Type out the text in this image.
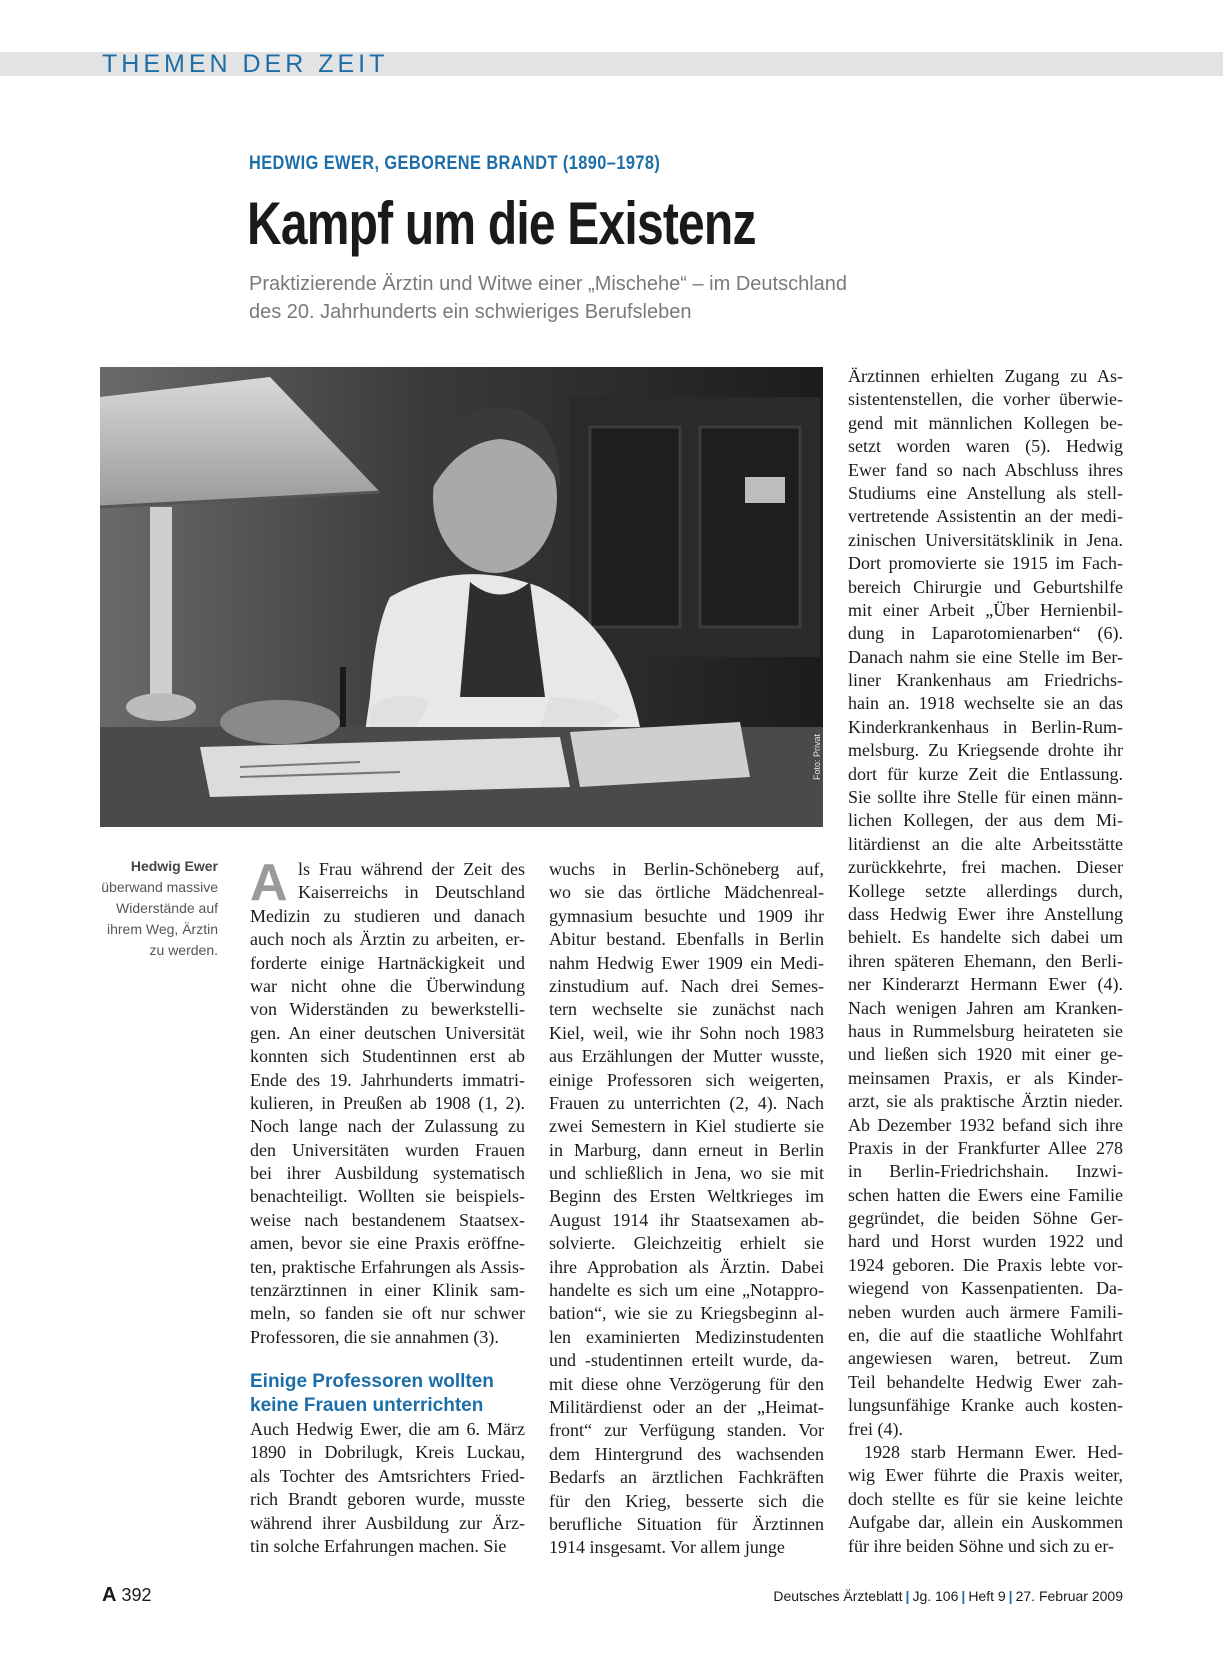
THEMEN DER ZEIT
HEDWIG EWER, GEBORENE BRANDT (1890–1978)
Kampf um die Existenz
Praktizierende Ärztin und Witwe einer „Mischehe“ – im Deutschland
des 20. Jahrhunderts ein schwieriges Berufsleben
Foto: Privat
Hedwig Ewer
überwand massive
Widerstände auf
ihrem Weg, Ärztin
zu werden.
A ls Frau während der Zeit des
Kaiserreichs in Deutschland
Medizin zu studieren und danach
auch noch als Ärztin zu arbeiten, er-
forderte einige Hartnäckigkeit und
war nicht ohne die Überwindung
von Widerständen zu bewerkstelli-
gen. An einer deutschen Universität
konnten sich Studentinnen erst ab
Ende des 19. Jahrhunderts immatri-
kulieren, in Preußen ab 1908 (1, 2).
Noch lange nach der Zulassung zu
den Universitäten wurden Frauen
bei ihrer Ausbildung systematisch
benachteiligt. Wollten sie beispiels-
weise nach bestandenem Staatsex-
amen, bevor sie eine Praxis eröffne-
ten, praktische Erfahrungen als Assis-
tenzärztinnen in einer Klinik sam-
meln, so fanden sie oft nur schwer
Professoren, die sie annahmen (3).
Einige Professoren wollten
keine Frauen unterrichten
Auch Hedwig Ewer, die am 6. März
1890 in Dobrilugk, Kreis Luckau,
als Tochter des Amtsrichters Fried-
rich Brandt geboren wurde, musste
während ihrer Ausbildung zur Ärz-
tin solche Erfahrungen machen. Sie
wuchs in Berlin-Schöneberg auf,
wo sie das örtliche Mädchenreal-
gymnasium besuchte und 1909 ihr
Abitur bestand. Ebenfalls in Berlin
nahm Hedwig Ewer 1909 ein Medi-
zinstudium auf. Nach drei Semes-
tern wechselte sie zunächst nach
Kiel, weil, wie ihr Sohn noch 1983
aus Erzählungen der Mutter wusste,
einige Professoren sich weigerten,
Frauen zu unterrichten (2, 4). Nach
zwei Semestern in Kiel studierte sie
in Marburg, dann erneut in Berlin
und schließlich in Jena, wo sie mit
Beginn des Ersten Weltkrieges im
August 1914 ihr Staatsexamen ab-
solvierte. Gleichzeitig erhielt sie
ihre Approbation als Ärztin. Dabei
handelte es sich um eine „Notappro-
bation“, wie sie zu Kriegsbeginn al-
len examinierten Medizinstudenten
und -studentinnen erteilt wurde, da-
mit diese ohne Verzögerung für den
Militärdienst oder an der „Heimat-
front“ zur Verfügung standen. Vor
dem Hintergrund des wachsenden
Bedarfs an ärztlichen Fachkräften
für den Krieg, besserte sich die
berufliche Situation für Ärztinnen
1914 insgesamt. Vor allem junge
Ärztinnen erhielten Zugang zu As-
sistentenstellen, die vorher überwie-
gend mit männlichen Kollegen be-
setzt worden waren (5). Hedwig
Ewer fand so nach Abschluss ihres
Studiums eine Anstellung als stell-
vertretende Assistentin an der medi-
zinischen Universitätsklinik in Jena.
Dort promovierte sie 1915 im Fach-
bereich Chirurgie und Geburtshilfe
mit einer Arbeit „Über Hernienbil-
dung in Laparotomienarben“ (6).
Danach nahm sie eine Stelle im Ber-
liner Krankenhaus am Friedrichs-
hain an. 1918 wechselte sie an das
Kinderkrankenhaus in Berlin-Rum-
melsburg. Zu Kriegsende drohte ihr
dort für kurze Zeit die Entlassung.
Sie sollte ihre Stelle für einen männ-
lichen Kollegen, der aus dem Mi-
litärdienst an die alte Arbeitsstätte
zurückkehrte, frei machen. Dieser
Kollege setzte allerdings durch,
dass Hedwig Ewer ihre Anstellung
behielt. Es handelte sich dabei um
ihren späteren Ehemann, den Berli-
ner Kinderarzt Hermann Ewer (4).
Nach wenigen Jahren am Kranken-
haus in Rummelsburg heirateten sie
und ließen sich 1920 mit einer ge-
meinsamen Praxis, er als Kinder-
arzt, sie als praktische Ärztin nieder.
Ab Dezember 1932 befand sich ihre
Praxis in der Frankfurter Allee 278
in Berlin-Friedrichshain. Inzwi-
schen hatten die Ewers eine Familie
gegründet, die beiden Söhne Ger-
hard und Horst wurden 1922 und
1924 geboren. Die Praxis lebte vor-
wiegend von Kassenpatienten. Da-
neben wurden auch ärmere Famili-
en, die auf die staatliche Wohlfahrt
angewiesen waren, betreut. Zum
Teil behandelte Hedwig Ewer zah-
lungsunfähige Kranke auch kosten-
frei (4).
1928 starb Hermann Ewer. Hed-
wig Ewer führte die Praxis weiter,
doch stellte es für sie keine leichte
Aufgabe dar, allein ein Auskommen
für ihre beiden Söhne und sich zu er-
A 392	Deutsches Ärzteblatt | Jg. 106 | Heft 9 | 27. Februar 2009
